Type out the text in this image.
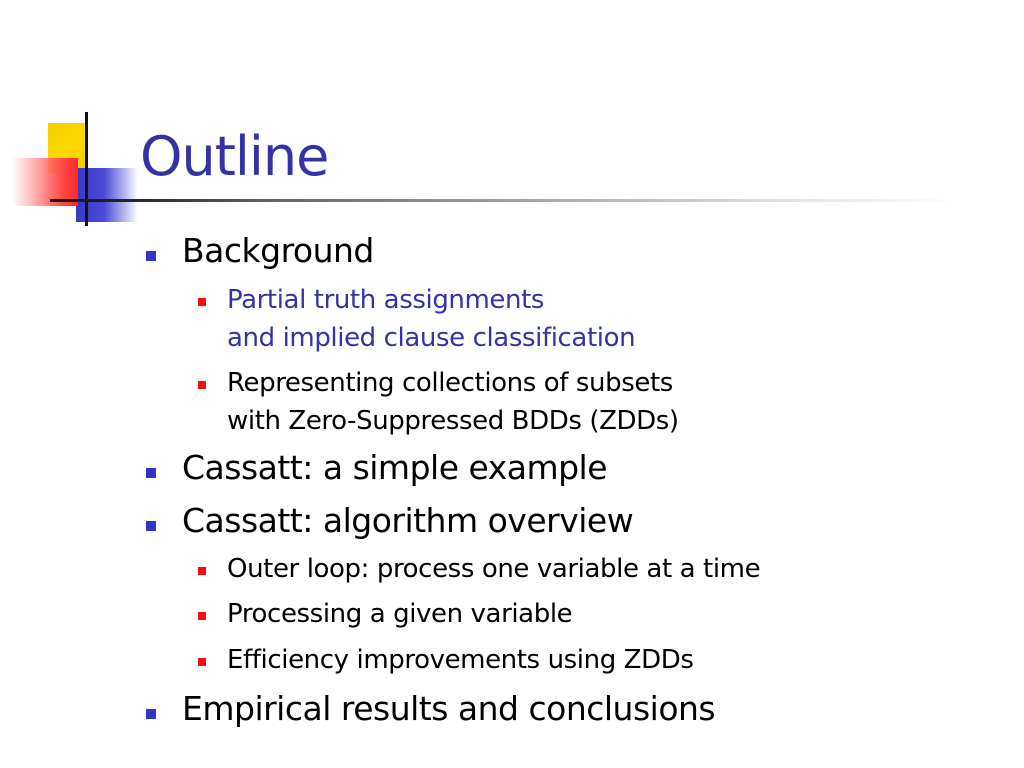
Outline
Background
Partial truth assignments
and implied clause classification
Representing collections of subsets
with Zero-Suppressed BDDs (ZDDs)
Cassatt: a simple example
Cassatt: algorithm overview
Outer loop: process one variable at a time
Processing a given variable
Efficiency improvements using ZDDs
Empirical results and conclusions
